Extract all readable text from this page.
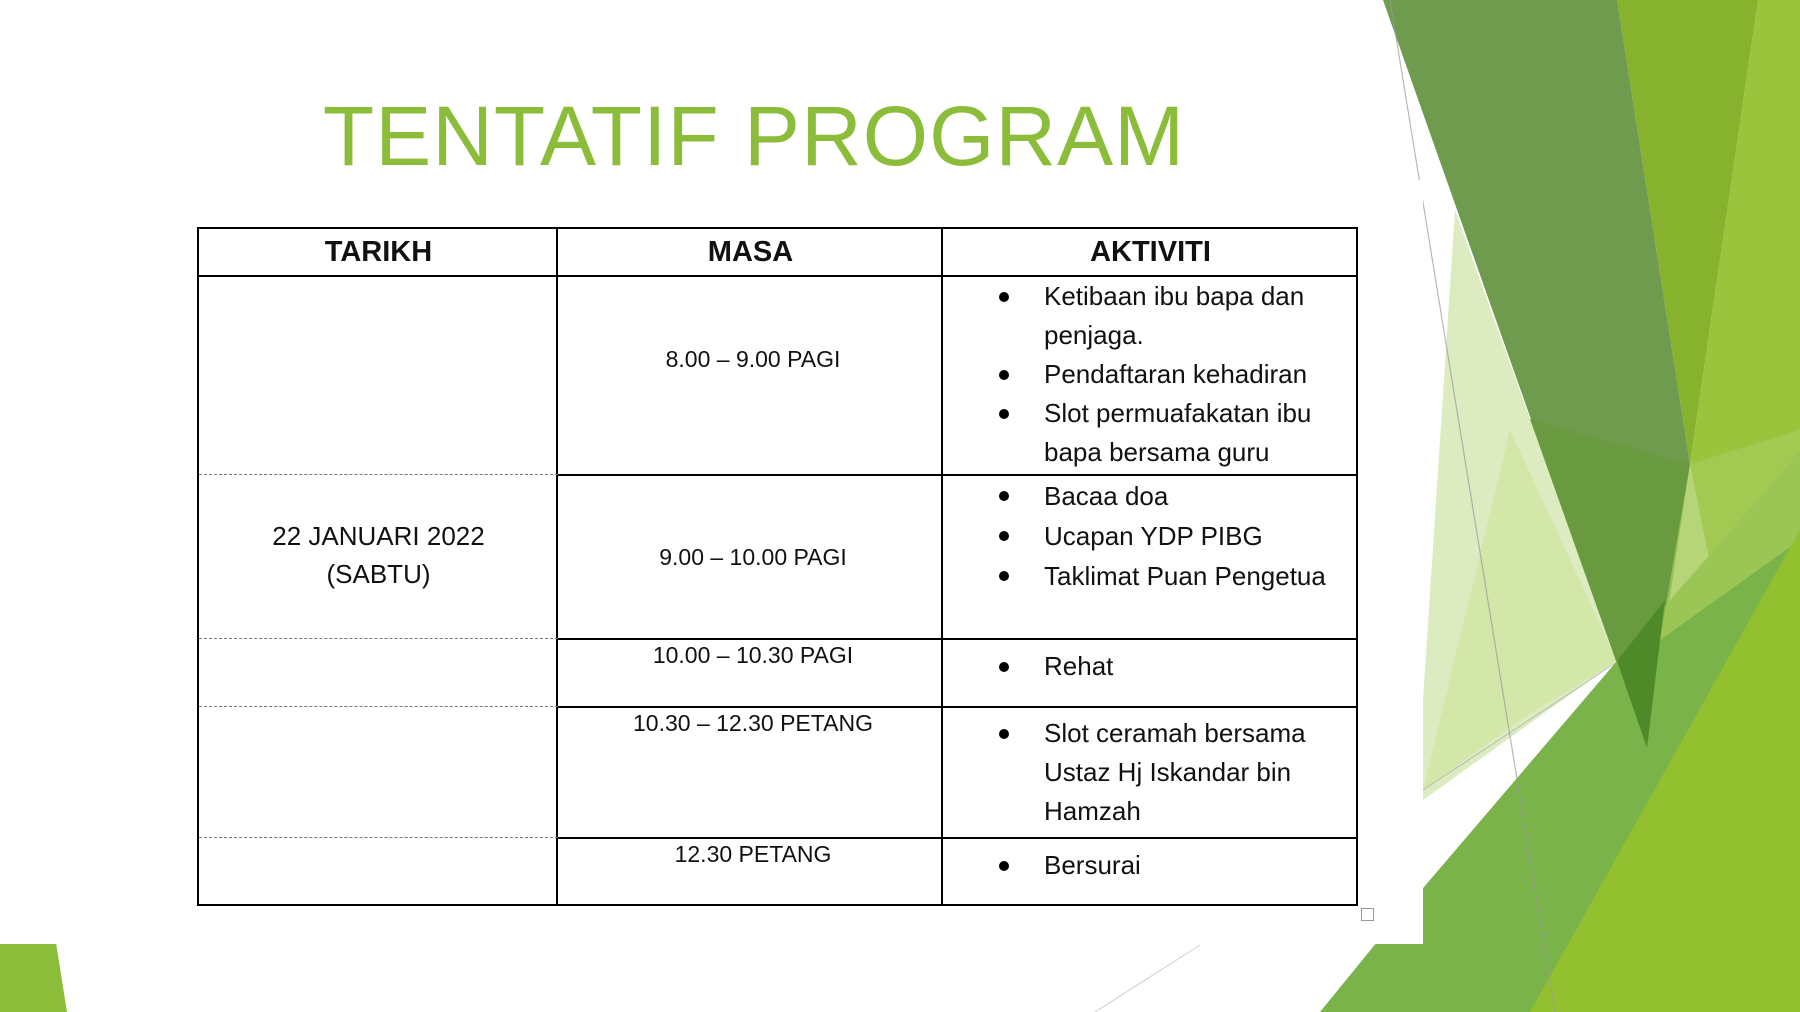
TENTATIF PROGRAM
TARIKH	MASA	AKTIVITI
22 JANUARI 2022
(SABTU)
8.00 – 9.00 PAGI
9.00 – 10.00 PAGI
10.00 – 10.30 PAGI
10.30 – 12.30 PETANG
12.30 PETANG
Ketibaan ibu bapa dan penjaga.
Pendaftaran kehadiran
Slot permuafakatan ibu bapa bersama guru
Bacaa doa
Ucapan YDP PIBG
Taklimat Puan Pengetua
Rehat
Slot ceramah bersama Ustaz Hj Iskandar bin Hamzah
Bersurai
